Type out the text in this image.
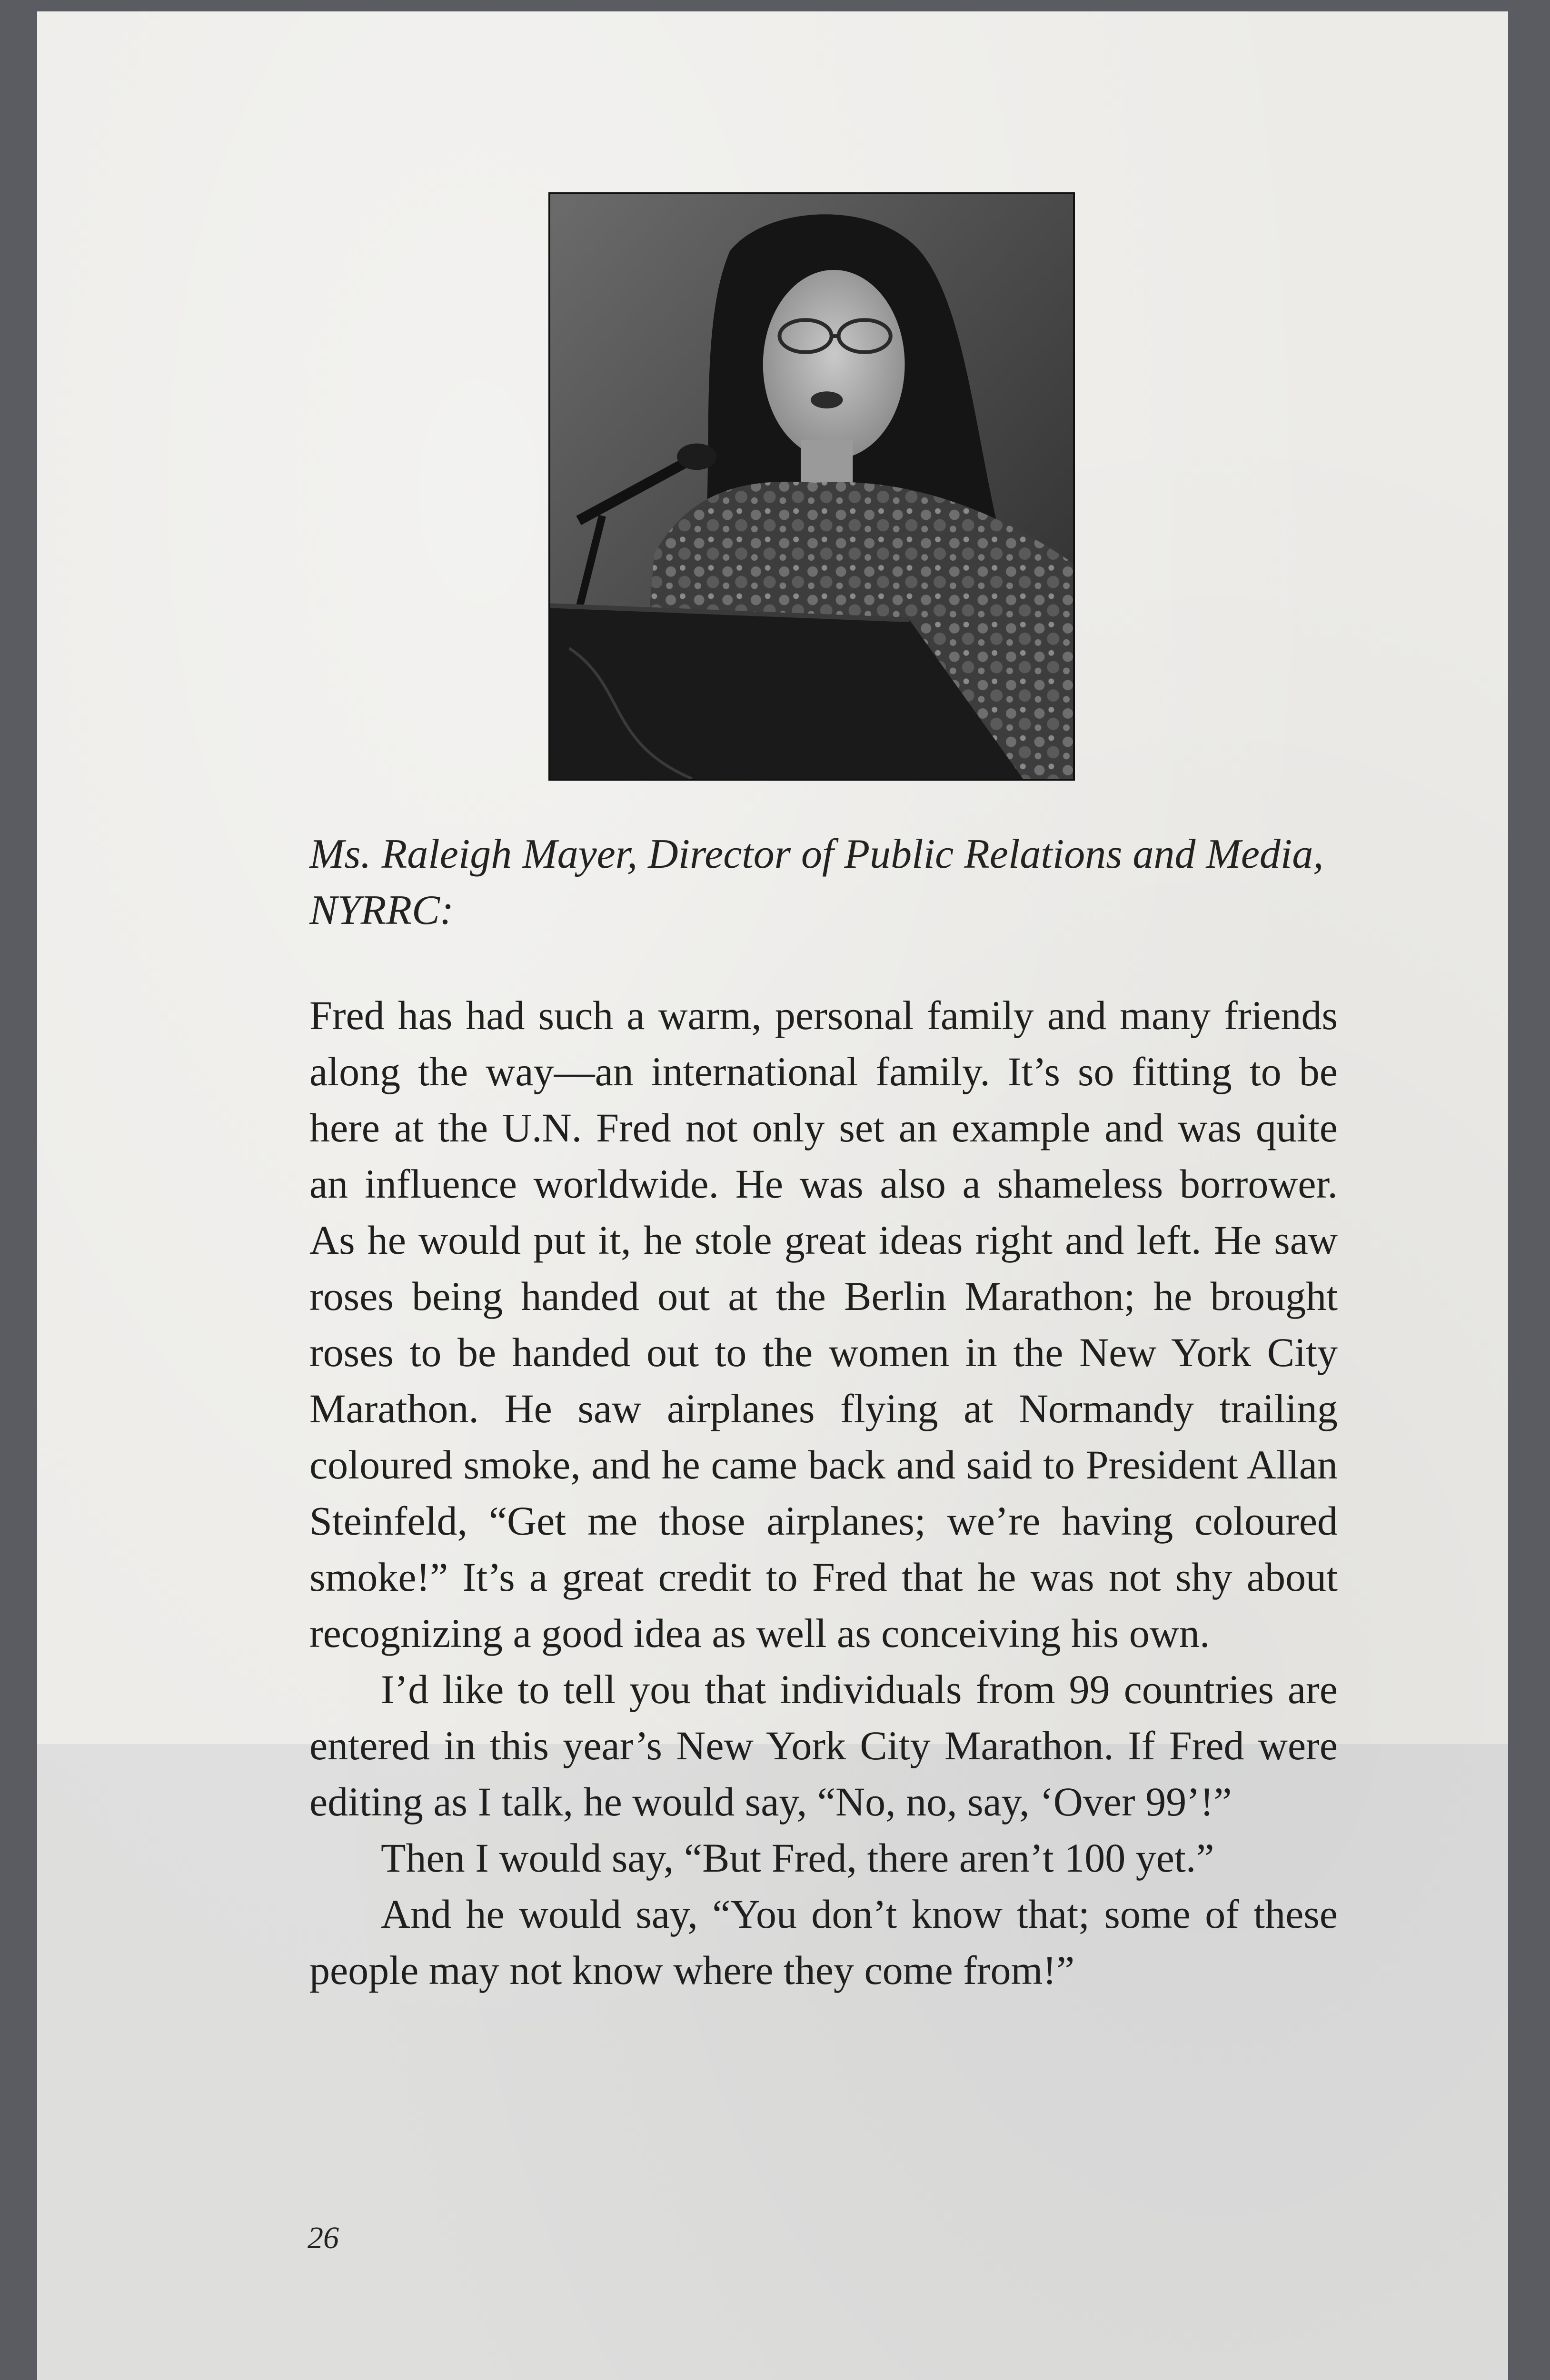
Ms. Raleigh Mayer, Director of Public Relations and Media, NYRRC:

Fred has had such a warm, personal family and many friends along the way—an international family. It’s so fitting to be here at the U.N. Fred not only set an example and was quite an influence worldwide. He was also a shameless borrower. As he would put it, he stole great ideas right and left. He saw roses being handed out at the Berlin Marathon; he brought roses to be handed out to the women in the New York City Marathon. He saw airplanes flying at Normandy trailing coloured smoke, and he came back and said to President Allan Steinfeld, “Get me those airplanes; we’re having coloured smoke!” It’s a great credit to Fred that he was not shy about recognizing a good idea as well as conceiving his own.

I’d like to tell you that individuals from 99 countries are entered in this year’s New York City Marathon. If Fred were editing as I talk, he would say, “No, no, say, ‘Over 99’!”

Then I would say, “But Fred, there aren’t 100 yet.”

And he would say, “You don’t know that; some of these people may not know where they come from!”

26
